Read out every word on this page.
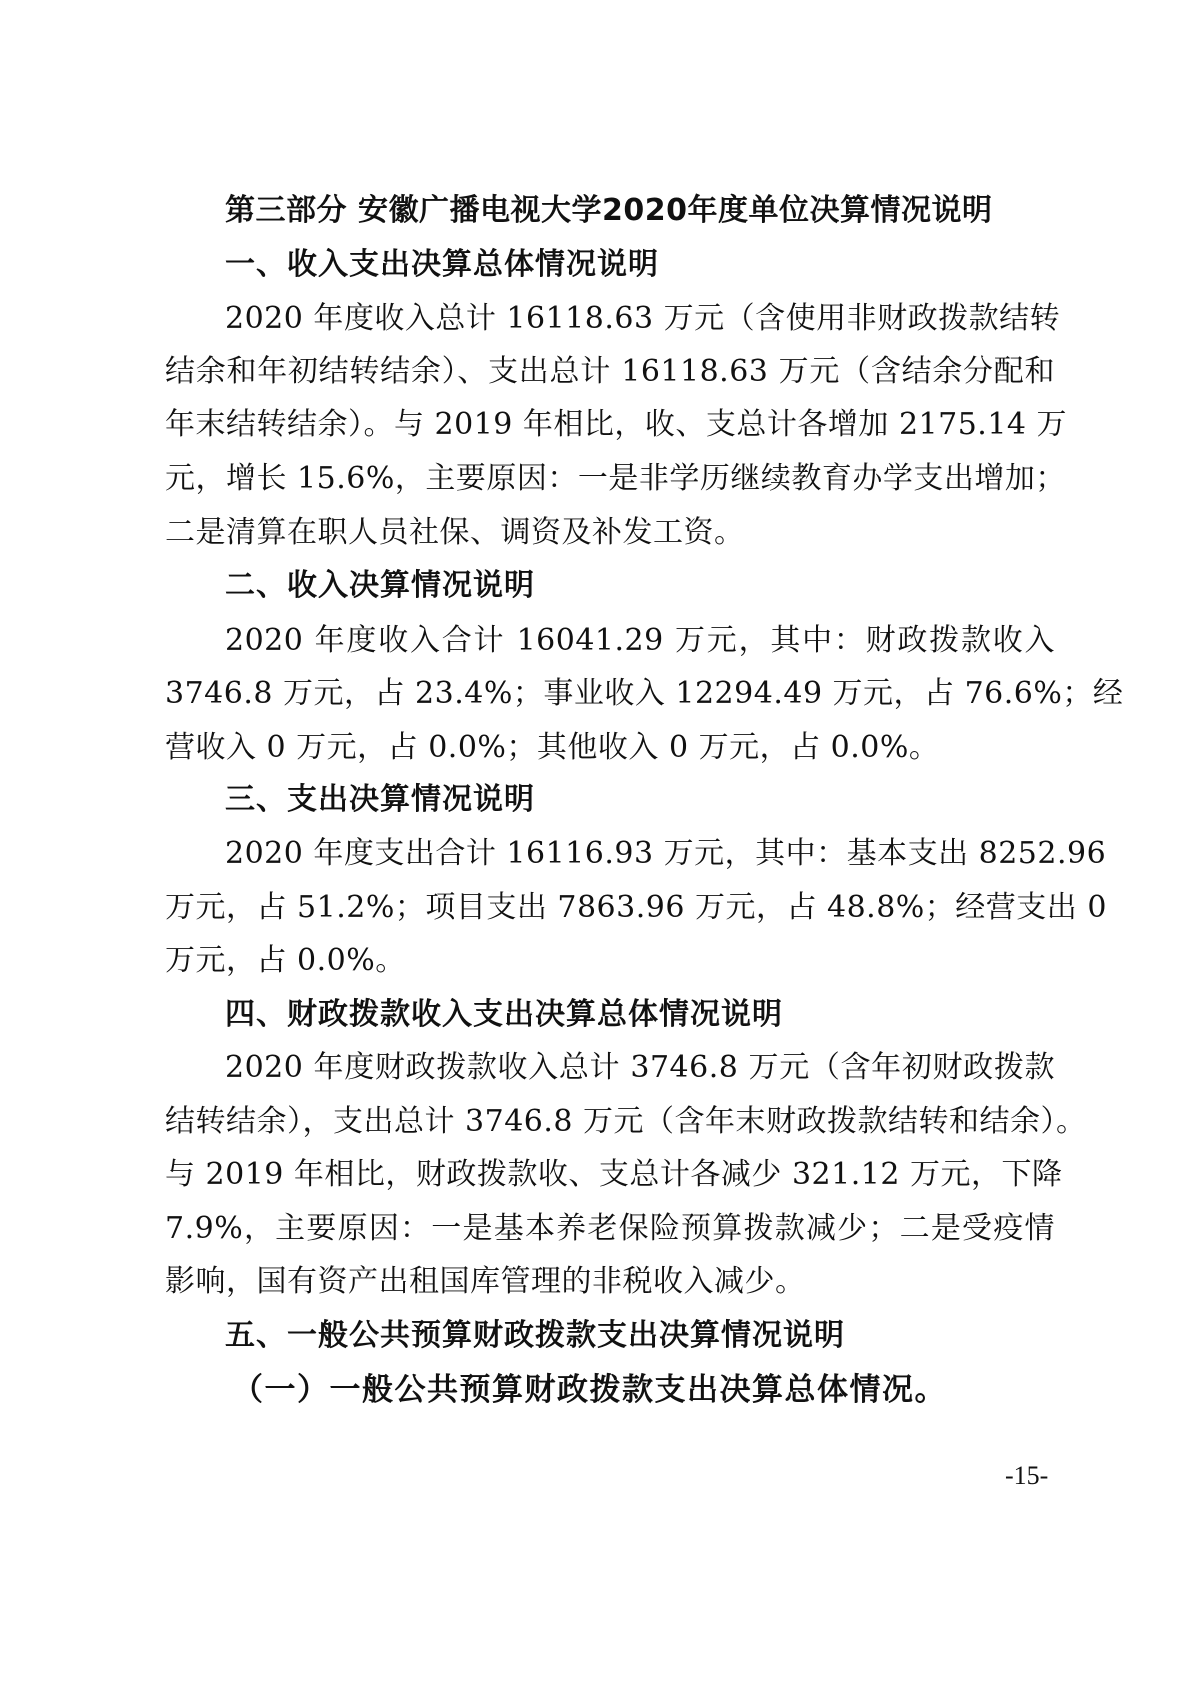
第三部分 安徽广播电视大学2020年度单位决算情况说明
一、收入支出决算总体情况说明
2020 年度收入总计 16118.63 万元（含使用非财政拨款结转
结余和年初结转结余）、支出总计 16118.63 万元（含结余分配和
年末结转结余）。与 2019 年相比，收、支总计各增加 2175.14 万
元，增长 15.6%，主要原因：一是非学历继续教育办学支出增加；
二是清算在职人员社保、调资及补发工资。
二、收入决算情况说明
2020 年度收入合计 16041.29 万元，其中：财政拨款收入
3746.8 万元，占 23.4%；事业收入 12294.49 万元，占 76.6%；经
营收入 0 万元，占 0.0%；其他收入 0 万元，占 0.0%。
三、支出决算情况说明
2020 年度支出合计 16116.93 万元，其中：基本支出 8252.96
万元，占 51.2%；项目支出 7863.96 万元，占 48.8%；经营支出 0
万元，占 0.0%。
四、财政拨款收入支出决算总体情况说明
2020 年度财政拨款收入总计 3746.8 万元（含年初财政拨款
结转结余），支出总计 3746.8 万元（含年末财政拨款结转和结余）。
与 2019 年相比，财政拨款收、支总计各减少 321.12 万元，下降
7.9%，主要原因：一是基本养老保险预算拨款减少；二是受疫情
影响，国有资产出租国库管理的非税收入减少。
五、一般公共预算财政拨款支出决算情况说明
（一）一般公共预算财政拨款支出决算总体情况。
-15-
